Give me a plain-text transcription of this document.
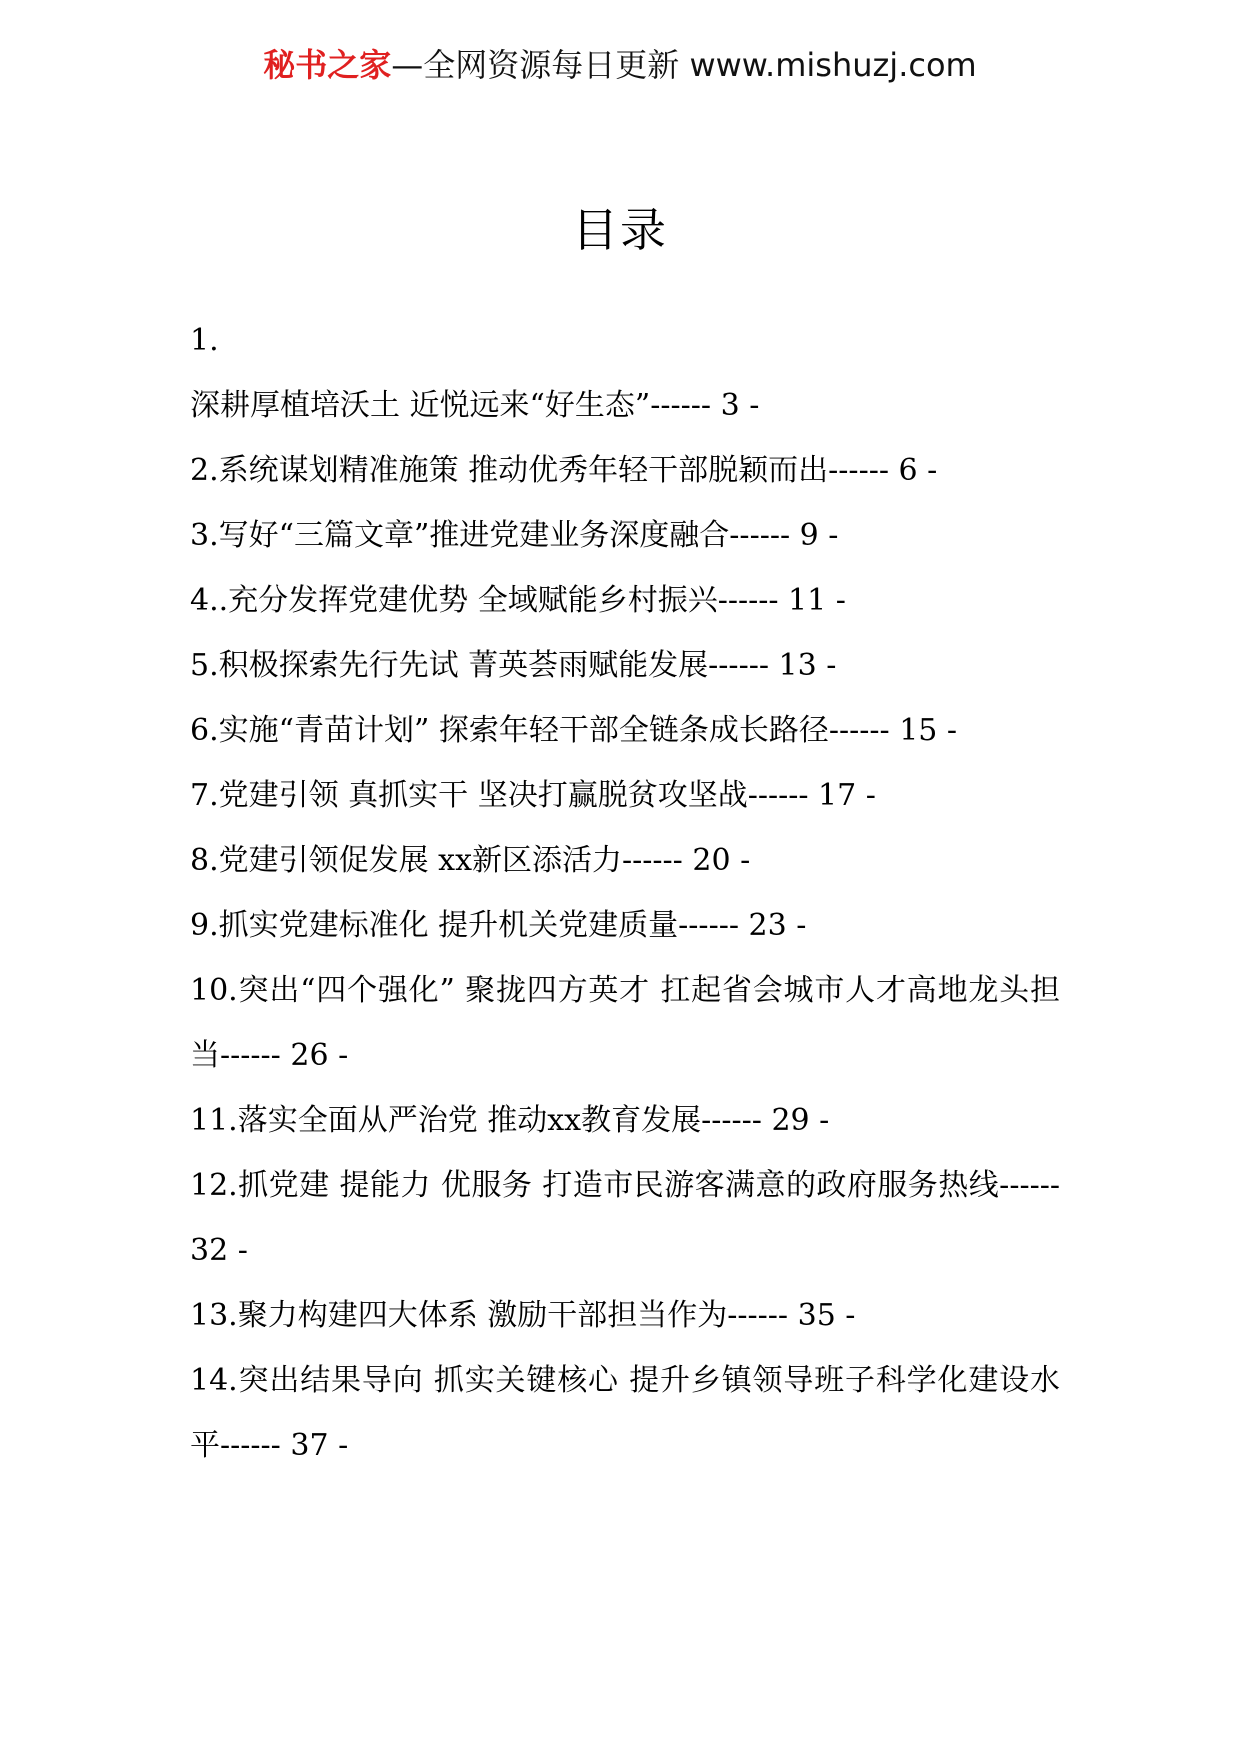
秘书之家—全网资源每日更新 www.mishuzj.com
目录
1.
深耕厚植培沃土 近悦远来“好生态”------ 3 -
2.系统谋划精准施策 推动优秀年轻干部脱颖而出------ 6 -
3.写好“三篇文章”推进党建业务深度融合------ 9 -
4..充分发挥党建优势 全域赋能乡村振兴------ 11 -
5.积极探索先行先试 菁英荟雨赋能发展------ 13 -
6.实施“青苗计划” 探索年轻干部全链条成长路径------ 15 -
7.党建引领 真抓实干 坚决打赢脱贫攻坚战------ 17 -
8.党建引领促发展 xx新区添活力------ 20 -
9.抓实党建标准化 提升机关党建质量------ 23 -
10.突出“四个强化” 聚拢四方英才 扛起省会城市人才高地龙头担当------ 26 -
11.落实全面从严治党 推动xx教育发展------ 29 -
12.抓党建 提能力 优服务 打造市民游客满意的政府服务热线------ 32 -
13.聚力构建四大体系 激励干部担当作为------ 35 -
14.突出结果导向 抓实关键核心 提升乡镇领导班子科学化建设水平------ 37 -
